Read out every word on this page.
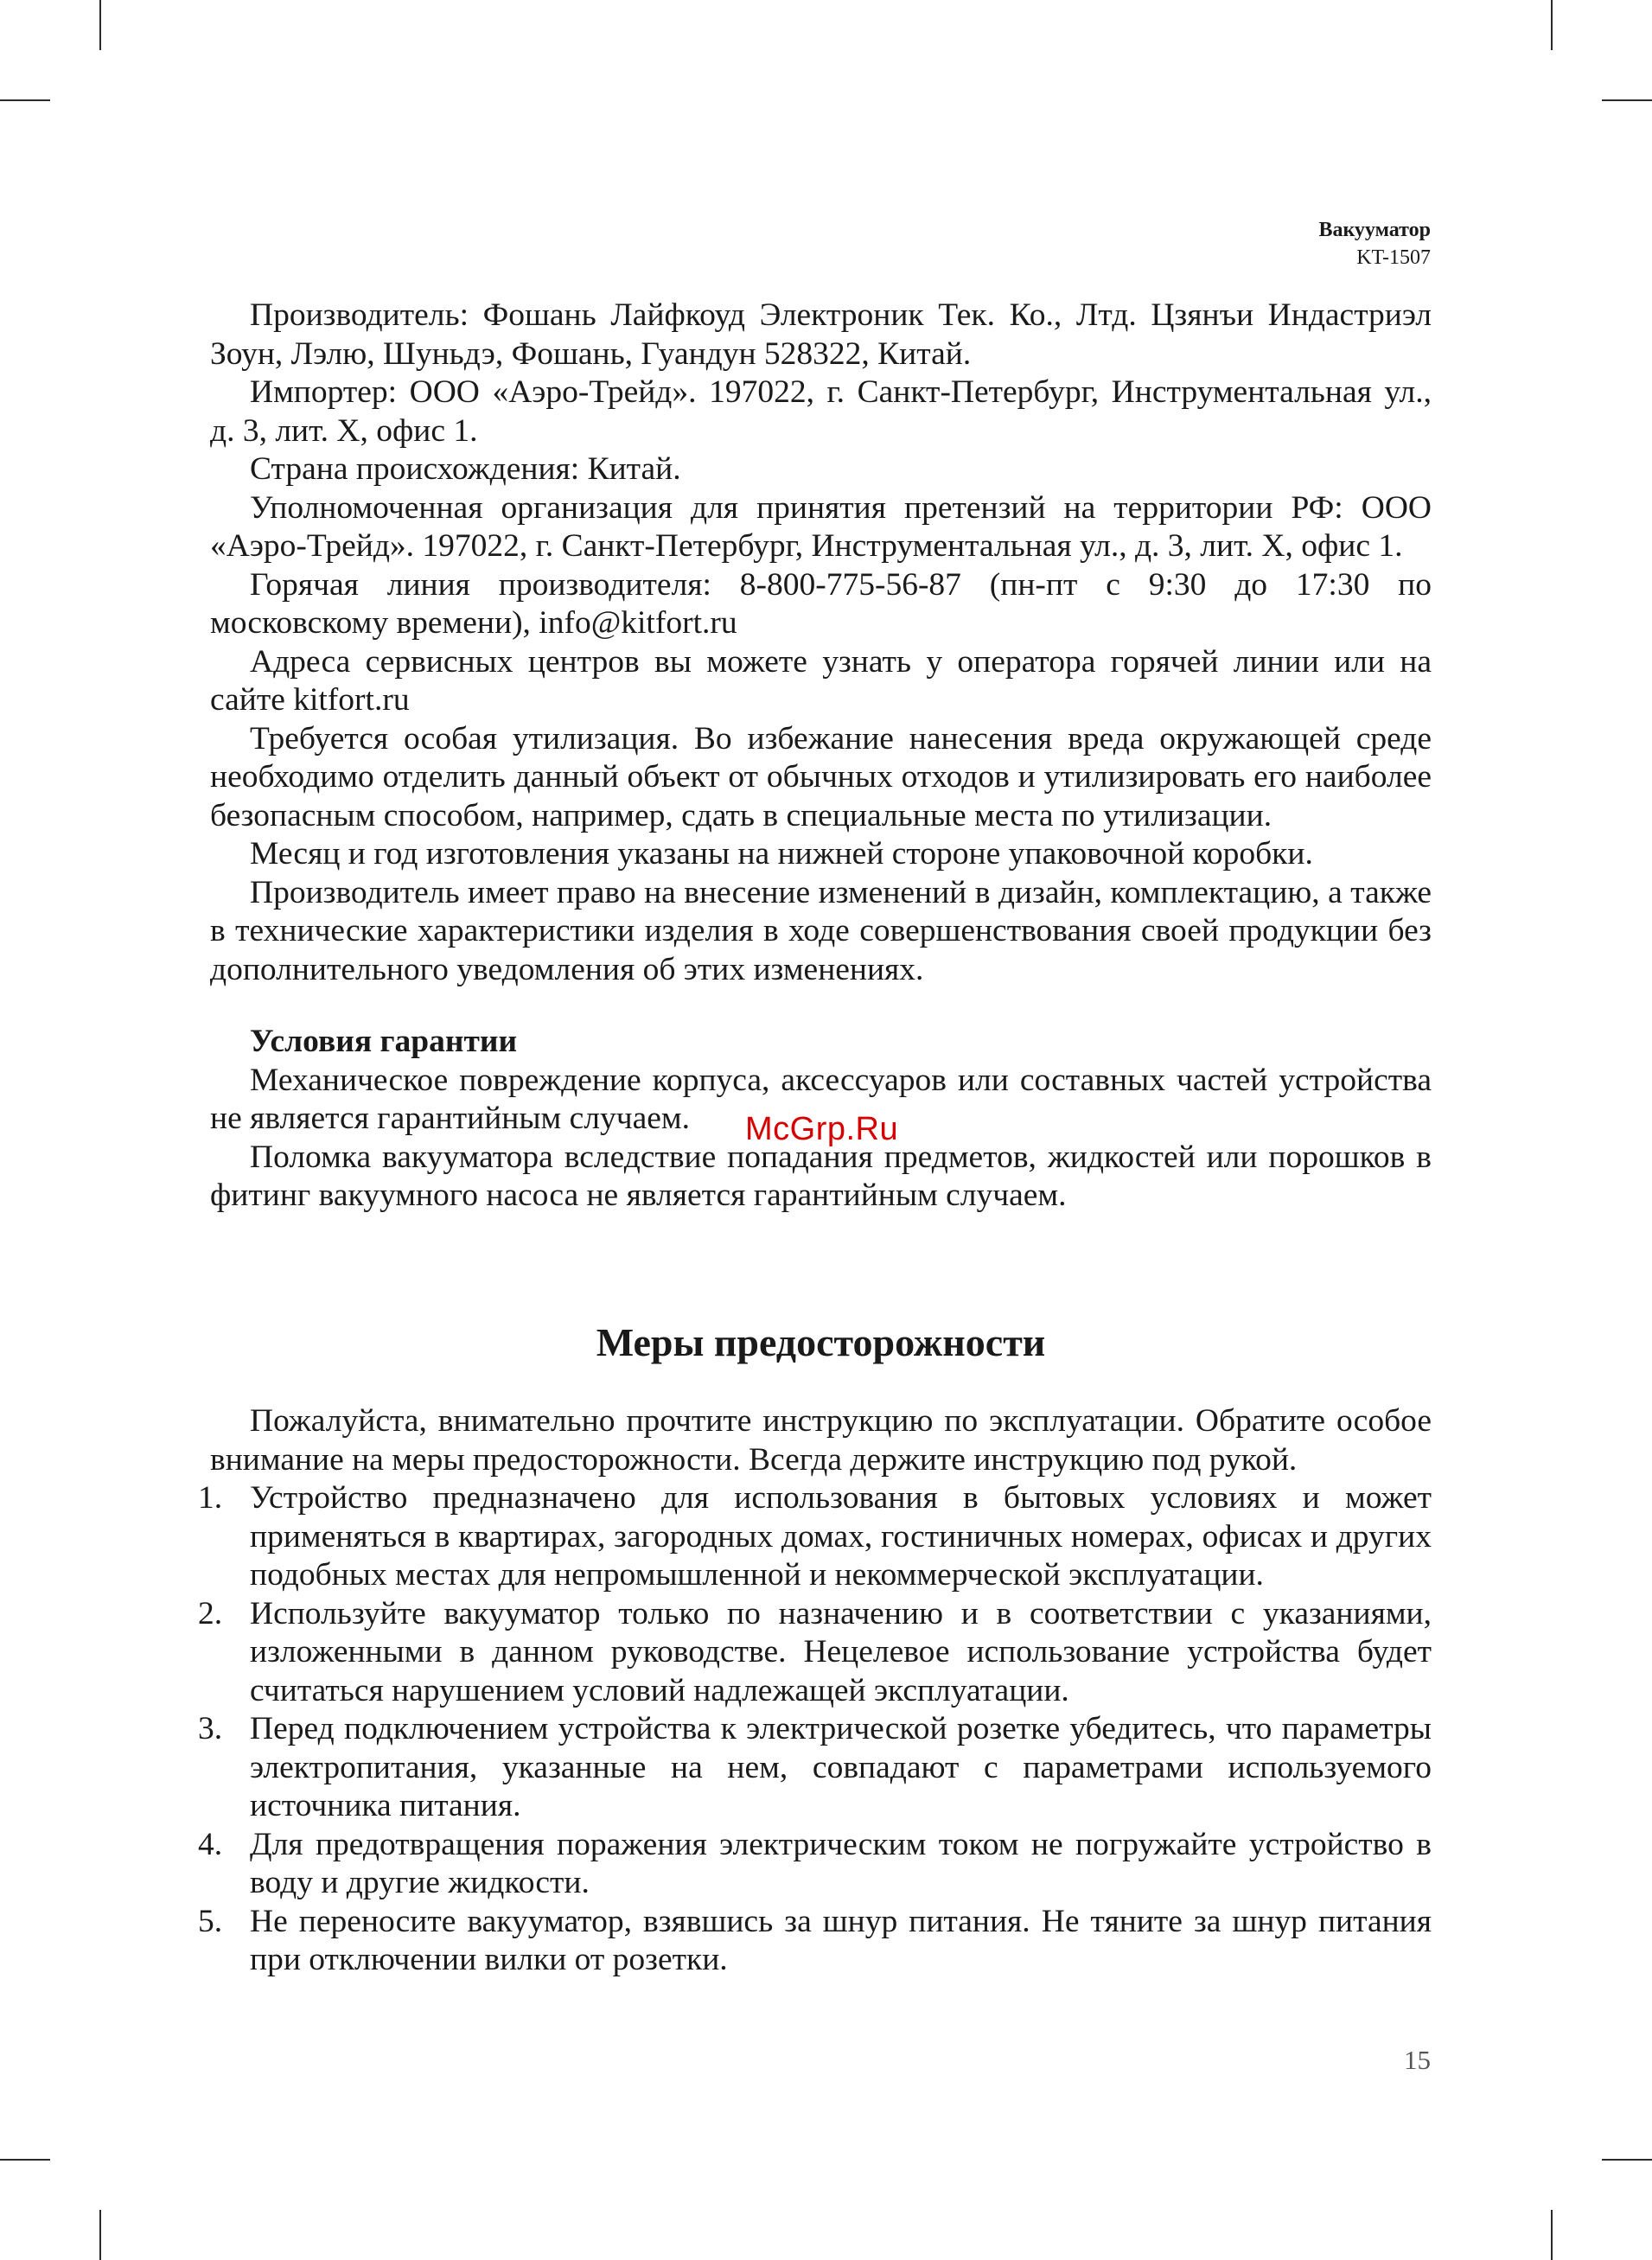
Вакууматор
KT-1507

Производитель: Фошань Лайфкоуд Электроник Тек. Ко., Лтд. Цзянъи Индастриэл Зоун, Лэлю, Шуньдэ, Фошань, Гуандун 528322, Китай.

Импортер: ООО «Аэро-Трейд». 197022, г. Санкт-Петербург, Инструментальная ул., д. 3, лит. Х, офис 1.

Страна происхождения: Китай.

Уполномоченная организация для принятия претензий на территории РФ: ООО «Аэро-Трейд». 197022, г. Санкт-Петербург, Инструментальная ул., д. 3, лит. Х, офис 1.

Горячая линия производителя: 8-800-775-56-87 (пн-пт с 9:30 до 17:30 по московскому времени), info@kitfort.ru

Адреса сервисных центров вы можете узнать у оператора горячей линии или на сайте kitfort.ru

Требуется особая утилизация. Во избежание нанесения вреда окружающей среде необходимо отделить данный объект от обычных отходов и утилизировать его наиболее безопасным способом, например, сдать в специальные места по утилизации.

Месяц и год изготовления указаны на нижней стороне упаковочной коробки.

Производитель имеет право на внесение изменений в дизайн, комплектацию, а также в технические характеристики изделия в ходе совершенствования своей продукции без дополнительного уведомления об этих изменениях.

Условия гарантии

Механическое повреждение корпуса, аксессуаров или составных частей устройства не является гарантийным случаем.

Поломка вакууматора вследствие попадания предметов, жидкостей или порошков в фитинг вакуумного насоса не является гарантийным случаем.

McGrp.Ru
Меры предосторожности

Пожалуйста, внимательно прочтите инструкцию по эксплуатации. Обратите особое внимание на меры предосторожности. Всегда держите инструкцию под рукой.

1. Устройство предназначено для использования в бытовых условиях и может применяться в квартирах, загородных домах, гостиничных номерах, офисах и других подобных местах для непромышленной и некоммерческой эксплуатации.
2. Используйте вакууматор только по назначению и в соответствии с указаниями, изложенными в данном руководстве. Нецелевое использование устройства будет считаться нарушением условий надлежащей эксплуатации.
3. Перед подключением устройства к электрической розетке убедитесь, что параметры электропитания, указанные на нем, совпадают с параметрами используемого источника питания.
4. Для предотвращения поражения электрическим током не погружайте устройство в воду и другие жидкости.
5. Не переносите вакууматор, взявшись за шнур питания. Не тяните за шнур питания при отключении вилки от розетки.
15
